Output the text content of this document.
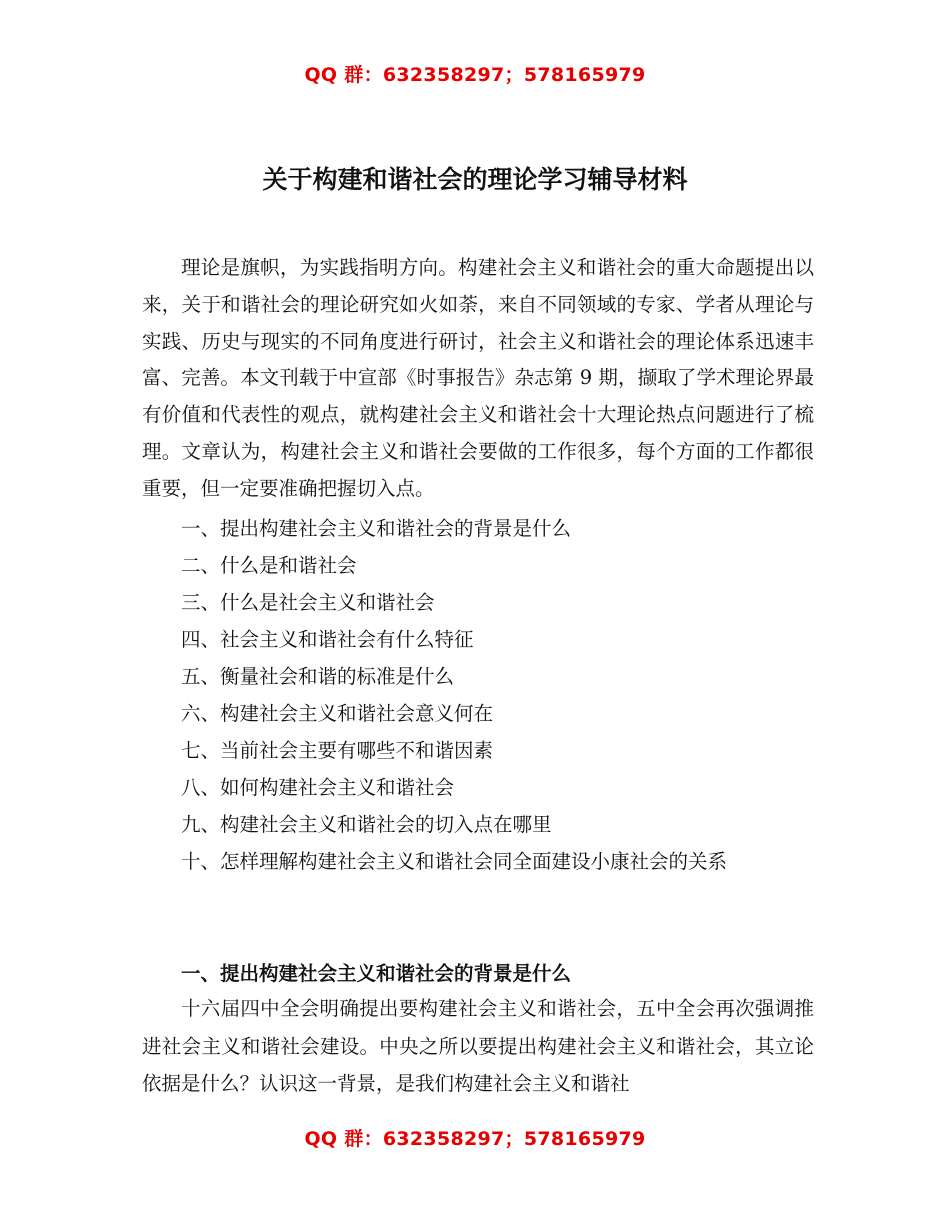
QQ 群：632358297；578165979
关于构建和谐社会的理论学习辅导材料

理论是旗帜，为实践指明方向。构建社会主义和谐社会的重大命题提出以来，关于和谐社会的理论研究如火如荼，来自不同领域的专家、学者从理论与实践、历史与现实的不同角度进行研讨，社会主义和谐社会的理论体系迅速丰富、完善。本文刊载于中宣部《时事报告》杂志第 9 期，撷取了学术理论界最有价值和代表性的观点，就构建社会主义和谐社会十大理论热点问题进行了梳理。文章认为，构建社会主义和谐社会要做的工作很多，每个方面的工作都很重要，但一定要准确把握切入点。

一、提出构建社会主义和谐社会的背景是什么
二、什么是和谐社会
三、什么是社会主义和谐社会
四、社会主义和谐社会有什么特征
五、衡量社会和谐的标准是什么
六、构建社会主义和谐社会意义何在
七、当前社会主要有哪些不和谐因素
八、如何构建社会主义和谐社会
九、构建社会主义和谐社会的切入点在哪里
十、怎样理解构建社会主义和谐社会同全面建设小康社会的关系
一、提出构建社会主义和谐社会的背景是什么

十六届四中全会明确提出要构建社会主义和谐社会，五中全会再次强调推进社会主义和谐社会建设。中央之所以要提出构建社会主义和谐社会，其立论依据是什么？认识这一背景，是我们构建社会主义和谐社

QQ 群：632358297；578165979
